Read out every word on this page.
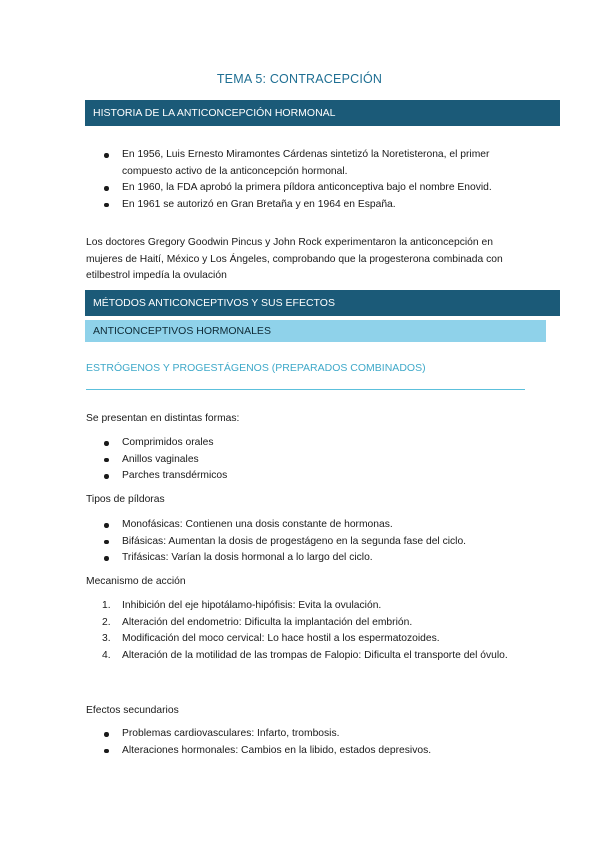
TEMA 5: CONTRACEPCIÓN
HISTORIA DE LA ANTICONCEPCIÓN HORMONAL
En 1956, Luis Ernesto Miramontes Cárdenas sintetizó la Noretisterona, el primer compuesto activo de la anticoncepción hormonal.
En 1960, la FDA aprobó la primera píldora anticonceptiva bajo el nombre Enovid.
En 1961 se autorizó en Gran Bretaña y en 1964 en España.
Los doctores Gregory Goodwin Pincus y John Rock experimentaron la anticoncepción en mujeres de Haití, México y Los Ángeles, comprobando que la progesterona combinada con etilbestrol impedía la ovulación
MÉTODOS ANTICONCEPTIVOS Y SUS EFECTOS
ANTICONCEPTIVOS HORMONALES
ESTRÓGENOS Y PROGESTÁGENOS (PREPARADOS COMBINADOS)
Se presentan en distintas formas:
Comprimidos orales
Anillos vaginales
Parches transdérmicos
Tipos de píldoras
Monofásicas: Contienen una dosis constante de hormonas.
Bifásicas: Aumentan la dosis de progestágeno en la segunda fase del ciclo.
Trifásicas: Varían la dosis hormonal a lo largo del ciclo.
Mecanismo de acción
1. Inhibición del eje hipotálamo-hipófisis: Evita la ovulación.
2. Alteración del endometrio: Dificulta la implantación del embrión.
3. Modificación del moco cervical: Lo hace hostil a los espermatozoides.
4. Alteración de la motilidad de las trompas de Falopio: Dificulta el transporte del óvulo.
Efectos secundarios
Problemas cardiovasculares: Infarto, trombosis.
Alteraciones hormonales: Cambios en la libido, estados depresivos.
